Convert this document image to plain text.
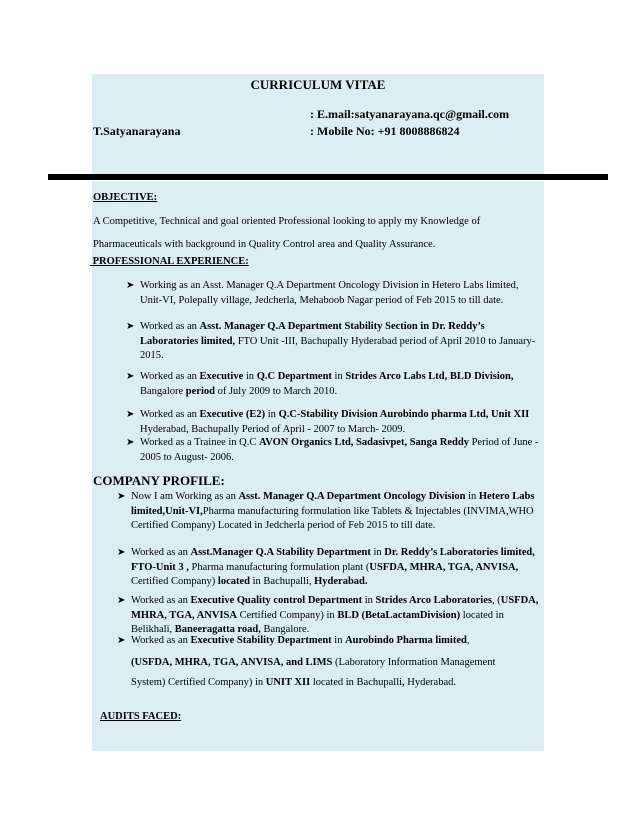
CURRICULUM VITAE
: E.mail:satyanarayana.qc@gmail.com
T.Satyanarayana	: Mobile No: +91 8008886824
OBJECTIVE:
A Competitive, Technical and goal oriented Professional looking to apply my Knowledge of
Pharmaceuticals with background in Quality Control area and Quality Assurance.
PROFESSIONAL EXPERIENCE:
➤ Working as an Asst. Manager Q.A Department Oncology Division in Hetero Labs limited, Unit-VI, Polepally village, Jedcherla, Mehaboob Nagar period of Feb 2015 to till date.
➤ Worked as an Asst. Manager Q.A Department Stability Section in Dr. Reddy’s Laboratories limited, FTO Unit -III, Bachupally Hyderabad period of April 2010 to January-2015.
➤ Worked as an Executive in Q.C Department in Strides Arco Labs Ltd, BLD Division, Bangalore period of July 2009 to March 2010.
➤ Worked as an Executive (E2) in Q.C-Stability Division Aurobindo pharma Ltd, Unit XII Hyderabad, Bachupally Period of April - 2007 to March- 2009.
➤ Worked as a Trainee in Q.C AVON Organics Ltd, Sadasivpet, Sanga Reddy Period of June - 2005 to August- 2006.
COMPANY PROFILE:
➤ Now I am Working as an Asst. Manager Q.A Department Oncology Division in Hetero Labs limited,Unit-VI,Pharma manufacturing formulation like Tablets & Injectables (INVIMA,WHO Certified Company) Located in Jedcherla period of Feb 2015 to till date.
➤ Worked as an Asst.Manager Q.A Stability Department in Dr. Reddy’s Laboratories limited, FTO-Unit 3 , Pharma manufacturing formulation plant (USFDA, MHRA, TGA, ANVISA, Certified Company) located in Bachupalli, Hyderabad.
➤ Worked as an Executive Quality control Department in Strides Arco Laboratories, (USFDA, MHRA, TGA, ANVISA Certified Company) in BLD (BetaLactamDivision) located in Belikhali, Baneeragatta road, Bangalore.
➤ Worked as an Executive Stability Department in Aurobindo Pharma limited,
(USFDA, MHRA, TGA, ANVISA, and LIMS (Laboratory Information Management
System) Certified Company) in UNIT XII located in Bachupalli, Hyderabad.
AUDITS FACED:
